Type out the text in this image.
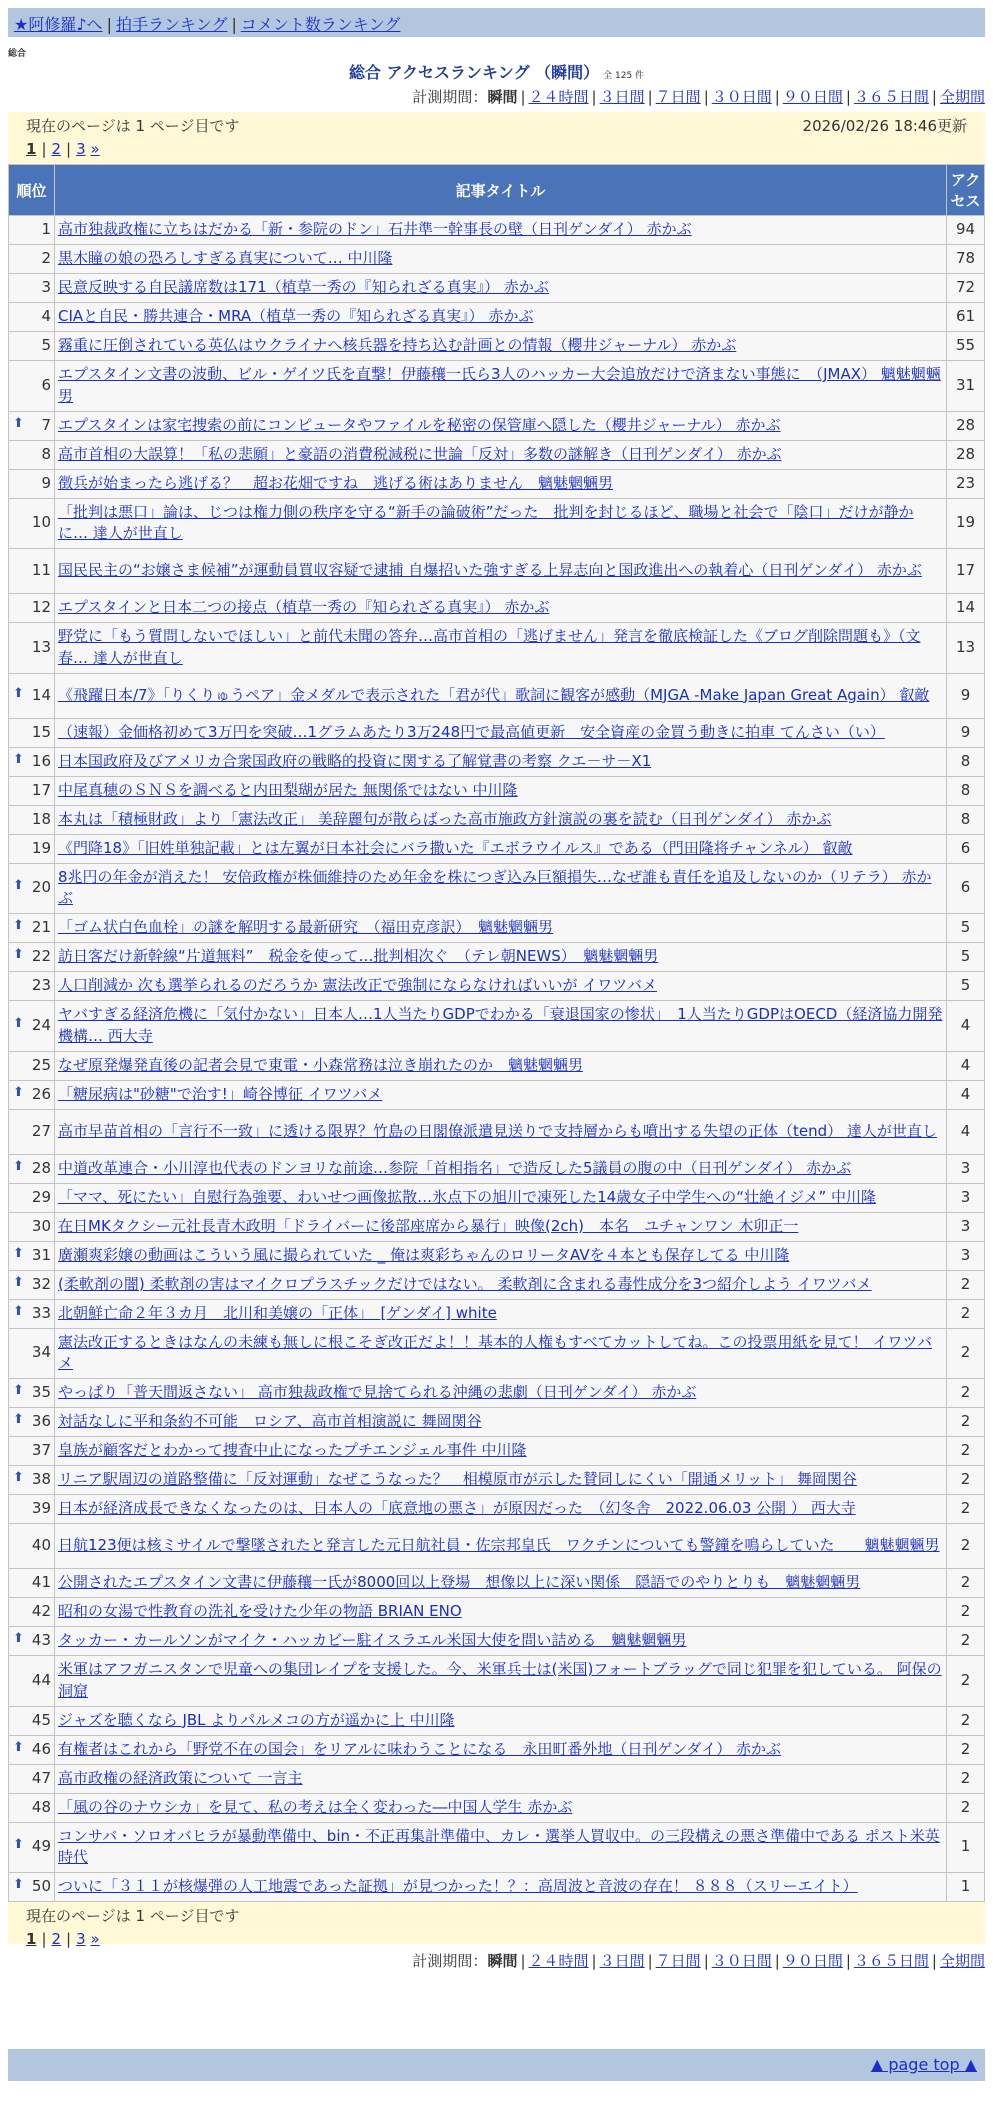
★阿修羅♪へ | 拍手ランキング | コメント数ランキング
総合
総合 アクセスランキング （瞬間） 全 125 件
計測期間：瞬間 | ２４時間 | ３日間 | ７日間 | ３０日間 | ９０日間 | ３６５日間 | 全期間
現在のページは 1 ページ目です	2026/02/26 18:46更新
1 | 2 | 3 »
順位	記事タイトル	アクセス
1	高市独裁政権に立ちはだかる「新・参院のドン」石井準一幹事長の壁（日刊ゲンダイ） 赤かぶ	94
2	黒木瞳の娘の恐ろしすぎる真実について… 中川隆	78
3	民意反映する自民議席数は171（植草一秀の『知られざる真実』） 赤かぶ	72
4	CIAと自民・勝共連合・MRA（植草一秀の『知られざる真実』） 赤かぶ	61
5	霧重に圧倒されている英仏はウクライナへ核兵器を持ち込む計画との情報（櫻井ジャーナル） 赤かぶ	55
6	エプスタイン文書の波動、ビル・ゲイツ氏を直撃！伊藤穰一氏ら3人のハッカー大会追放だけで済まない事態に　（JMAX） 魑魅魍魎男	31

⬆ 7	エプスタインは家宅捜索の前にコンピュータやファイルを秘密の保管庫へ隠した（櫻井ジャーナル） 赤かぶ	28
8	高市首相の大誤算！「私の悲願」と豪語の消費税減税に世論「反対」多数の謎解き（日刊ゲンダイ） 赤かぶ	28
9	徴兵が始まったら逃げる？　超お花畑ですね　逃げる術はありません　魑魅魍魎男	23
10	「批判は悪口」論は、じつは権力側の秩序を守る“新手の論破術”だった　批判を封じるほど、職場と社会で「陰口」だけが静かに… 達人が世直し	19
11	国民民主の“お嬢さま候補”が運動員買収容疑で逮捕 自爆招いた強すぎる上昇志向と国政進出への執着心（日刊ゲンダイ） 赤かぶ	17
12	エプスタインと日本二つの接点（植草一秀の『知られざる真実』） 赤かぶ	14
13	野党に「もう質問しないでほしい」と前代未聞の答弁…高市首相の「逃げません」発言を徹底検証した《ブログ削除問題も》（文春… 達人が世直し	13

⬆ 14	《飛躍日本/7》「りくりゅうペア」金メダルで表示された「君が代」歌詞に観客が感動（MJGA -Make Japan Great Again） 叡敵	9
15	（速報）金価格初めて3万円を突破…1グラムあたり3万248円で最高値更新　安全資産の金買う動きに拍車 てんさい（い）	9

⬆ 16	日本国政府及びアメリカ合衆国政府の戦略的投資に関する了解覚書の考察 クエ－サ－X1	8
17	中尾真穂のＳＮＳを調べると内田梨瑚が居た 無関係ではない 中川隆	8
18	本丸は「積極財政」より「憲法改正」 美辞麗句が散らばった高市施政方針演説の裏を読む（日刊ゲンダイ） 赤かぶ	8
19	《門降18》「旧姓単独記載」とは左翼が日本社会にバラ撒いた『エボラウイルス』である（門田隆将チャンネル） 叡敵	6

⬆ 20	8兆円の年金が消えた！ 安倍政権が株価維持のため年金を株につぎ込み巨額損失…なぜ誰も責任を追及しないのか（リテラ） 赤かぶ	6

⬆ 21	「ゴム状白色血栓」の謎を解明する最新研究　（福田克彦訳）　魑魅魍魎男	5

⬆ 22	訪日客だけ新幹線“片道無料”　税金を使って…批判相次ぐ　（テレ朝NEWS）　魑魅魍魎男	5
23	人口削減か 次も選挙られるのだろうか 憲法改正で強制にならなければいいが イワツバメ	5

⬆ 24	ヤバすぎる経済危機に「気付かない」日本人…1人当たりGDPでわかる「衰退国家の惨状」　1人当たりGDPはOECD（経済協力開発機構… 西大寺	4
25	なぜ原発爆発直後の記者会見で東電・小森常務は泣き崩れたのか　魑魅魍魎男	4

⬆ 26	「糖尿病は"砂糖"で治す!」崎谷博征 イワツバメ	4
27	高市早苗首相の「言行不一致」に透ける限界？竹島の日閣僚派遣見送りで支持層からも噴出する失望の正体（tend） 達人が世直し	4

⬆ 28	中道改革連合・小川淳也代表のドンヨリな前途…参院「首相指名」で造反した5議員の腹の中（日刊ゲンダイ） 赤かぶ	3
29	「ママ、死にたい」自慰行為強要、わいせつ画像拡散…氷点下の旭川で凍死した14歳女子中学生への“壮絶イジメ” 中川隆	3
30	在日MKタクシー元社長青木政明「ドライバーに後部座席から暴行」映像(2ch)　本名　ユチャンワン 木卯正一	3

⬆ 31	廣瀬爽彩嬢の動画はこういう風に撮られていた _ 俺は爽彩ちゃんのロリータAVを４本とも保存してる 中川隆	3

⬆ 32	(柔軟剤の闇) 柔軟剤の害はマイクロプラスチックだけではない。 柔軟剤に含まれる毒性成分を3つ紹介しよう イワツバメ	2

⬆ 33	北朝鮮亡命２年３カ月　北川和美嬢の「正体」　[ゲンダイ] white	2
34	憲法改正するときはなんの未練も無しに根こそぎ改正だよ！！基本的人権もすべてカットしてね。この投票用紙を見て！ イワツバメ	2

⬆ 35	やっぱり「普天間返さない」 高市独裁政権で見捨てられる沖縄の悲劇（日刊ゲンダイ） 赤かぶ	2

⬆ 36	対話なしに平和条約不可能　ロシア、高市首相演説に 舞岡関谷	2
37	皇族が顧客だとわかって捜査中止になったプチエンジェル事件 中川隆	2

⬆ 38	リニア駅周辺の道路整備に「反対運動」なぜこうなった？　相模原市が示した賛同しにくい「開通メリット」 舞岡関谷	2
39	日本が経済成長できなくなったのは、日本人の「底意地の悪さ」が原因だった　（幻冬舎　2022.06.03 公開 ） 西大寺	2
40	日航123便は核ミサイルで撃墜されたと発言した元日航社員・佐宗邦皇氏　ワクチンについても警鐘を鳴らしていた　　魑魅魍魎男	2
41	公開されたエプスタイン文書に伊藤穰一氏が8000回以上登場　想像以上に深い関係　隠語でのやりとりも　魑魅魍魎男	2
42	昭和の女湯で性教育の洗礼を受けた少年の物語 BRIAN ENO	2

⬆ 43	タッカー・カールソンがマイク・ハッカビー駐イスラエル米国大使を問い詰める　魑魅魍魎男	2
44	米軍はアフガニスタンで児童への集団レイプを支援した。今、米軍兵士は(米国)フォートブラッグで同じ犯罪を犯している。 阿保の洞窟	2
45	ジャズを聴くなら JBL よりパルメコの方が遥かに上 中川隆	2

⬆ 46	有権者はこれから「野党不在の国会」をリアルに味わうことになる　永田町番外地（日刊ゲンダイ） 赤かぶ	2
47	高市政権の経済政策について 一言主	2
48	「風の谷のナウシカ」を見て、私の考えは全く変わった―中国人学生 赤かぶ	2

⬆ 49	コンサバ・ソロオバヒラが暴動準備中、bin・不正再集計準備中、カレ・選挙人買収中。の三段構えの悪さ準備中である ポスト米英時代	1

⬆ 50	ついに「３１１が核爆弾の人工地震であった証拠」が見つかった！？：高周波と音波の存在！ ８８８（スリーエイト）	1
現在のページは 1 ページ目です
1 | 2 | 3 »
計測期間：瞬間 | ２４時間 | ３日間 | ７日間 | ３０日間 | ９０日間 | ３６５日間 | 全期間
▲ page top ▲
